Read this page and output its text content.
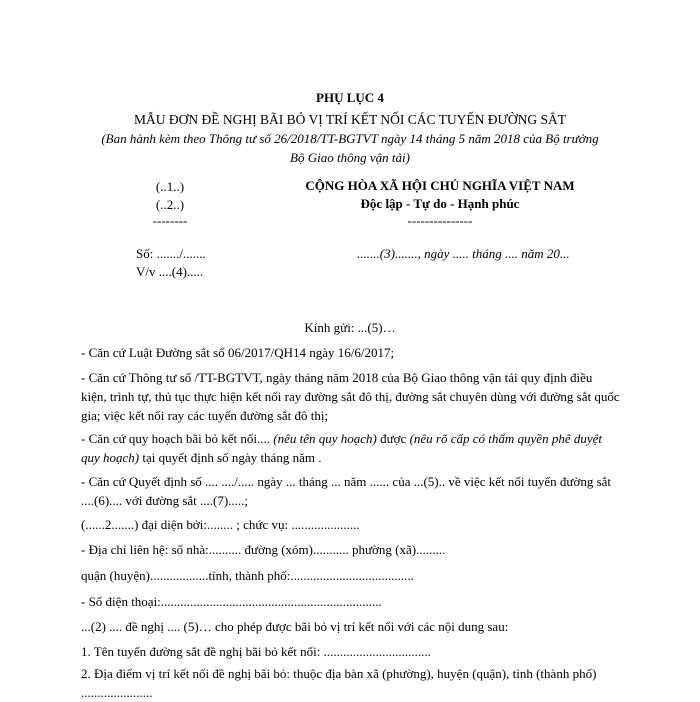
PHỤ LỤC 4
MẪU ĐƠN ĐỀ NGHỊ BÃI BỎ VỊ TRÍ KẾT NỐI CÁC TUYẾN ĐƯỜNG SẮT
(Ban hành kèm theo Thông tư số 26/2018/TT-BGTVT ngày 14 tháng 5 năm 2018 của Bộ trưởng
Bộ Giao thông vận tải)
(..1..)
(..2..)
--------
CỘNG HÒA XÃ HỘI CHỦ NGHĨA VIỆT NAM
Độc lập - Tự do - Hạnh phúc
---------------
Số: ......./.......	.......(3)......., ngày ..... tháng .... năm 20...
V/v ....(4).....
Kính gửi: ...(5)…
- Căn cứ Luật Đường sắt số 06/2017/QH14 ngày 16/6/2017;
- Căn cứ Thông tư số /TT-BGTVT, ngày tháng năm 2018 của Bộ Giao thông vận tải quy định điều kiện, trình tự, thủ tục thực hiện kết nối ray đường sắt đô thị, đường sắt chuyên dùng với đường sắt quốc gia; việc kết nối ray các tuyến đường sắt đô thị;
- Căn cứ quy hoạch bãi bỏ kết nối.... (nêu tên quy hoạch) được (nêu rõ cấp có thẩm quyền phê duyệt quy hoạch) tại quyết định số ngày tháng năm .
- Căn cứ Quyết định số .... ..../..... ngày ... tháng ... năm ...... của ...(5).. về việc kết nối tuyến đường sắt ....(6).... với đường sắt ....(7).....;
(......2.......) đại diện bởi:........ ; chức vụ: .....................
- Địa chỉ liên hệ: số nhà:.......... đường (xóm)........... phường (xã).........
quận (huyện)..................tỉnh, thành phố:......................................
- Số điện thoại:....................................................................
...(2) .... đề nghị .... (5)… cho phép được bãi bỏ vị trí kết nối với các nội dung sau:
1. Tên tuyến đường sắt đề nghị bãi bỏ kết nối: .................................
2. Địa điểm vị trí kết nối đề nghị bãi bỏ: thuộc địa bàn xã (phường), huyện (quận), tỉnh (thành phố) ......................
